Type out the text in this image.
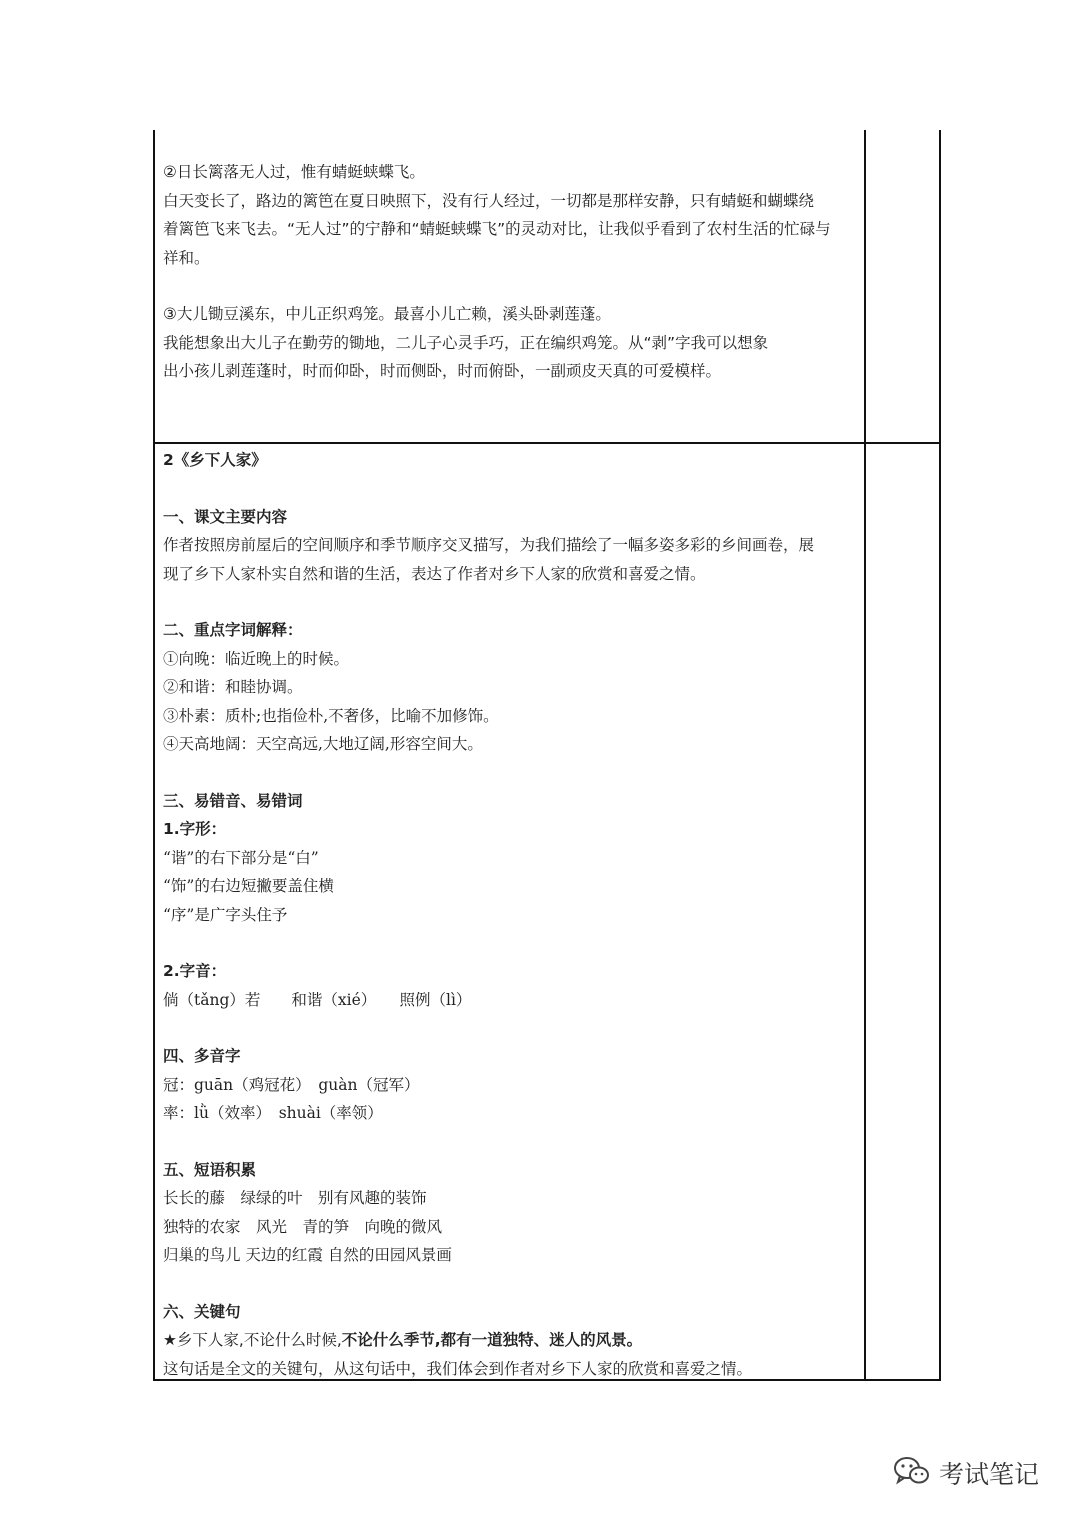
②日长篱落无人过，惟有蜻蜓蛱蝶飞。

白天变长了，路边的篱笆在夏日映照下，没有行人经过，一切都是那样安静，只有蜻蜓和蝴蝶绕

着篱笆飞来飞去。“无人过”的宁静和“蜻蜓蛱蝶飞”的灵动对比，让我似乎看到了农村生活的忙碌与

祥和。

③大儿锄豆溪东，中儿正织鸡笼。最喜小儿亡赖，溪头卧剥莲蓬。

我能想象出大儿子在勤劳的锄地，二儿子心灵手巧，正在编织鸡笼。从“剥”字我可以想象

出小孩儿剥莲蓬时，时而仰卧，时而侧卧，时而俯卧，一副顽皮天真的可爱模样。

2《乡下人家》

一、课文主要内容

作者按照房前屋后的空间顺序和季节顺序交叉描写，为我们描绘了一幅多姿多彩的乡间画卷，展

现了乡下人家朴实自然和谐的生活，表达了作者对乡下人家的欣赏和喜爱之情。

二、重点字词解释：

①向晚：临近晚上的时候。

②和谐：和睦协调。

③朴素：质朴;也指俭朴,不奢侈，比喻不加修饰。

④天高地阔：天空高远,大地辽阔,形容空间大。

三、易错音、易错词

1.字形：

“谐”的右下部分是“白”

“饰”的右边短撇要盖住横

“序”是广字头住予

2.字音：

倘（tǎng）若　　和谐（xié）　　照例（lì）

四、多音字

冠：guān（鸡冠花）　guàn（冠军）

率：lǜ（效率）　shuài（率领）

五、短语积累

长长的藤　绿绿的叶　别有风趣的装饰

独特的农家　风光　青的笋　向晚的微风

归巢的鸟儿 天边的红霞 自然的田园风景画

六、关键句

★乡下人家,不论什么时候,不论什么季节,都有一道独特、迷人的风景。

这句话是全文的关键句，从这句话中，我们体会到作者对乡下人家的欣赏和喜爱之情。

考试笔记
